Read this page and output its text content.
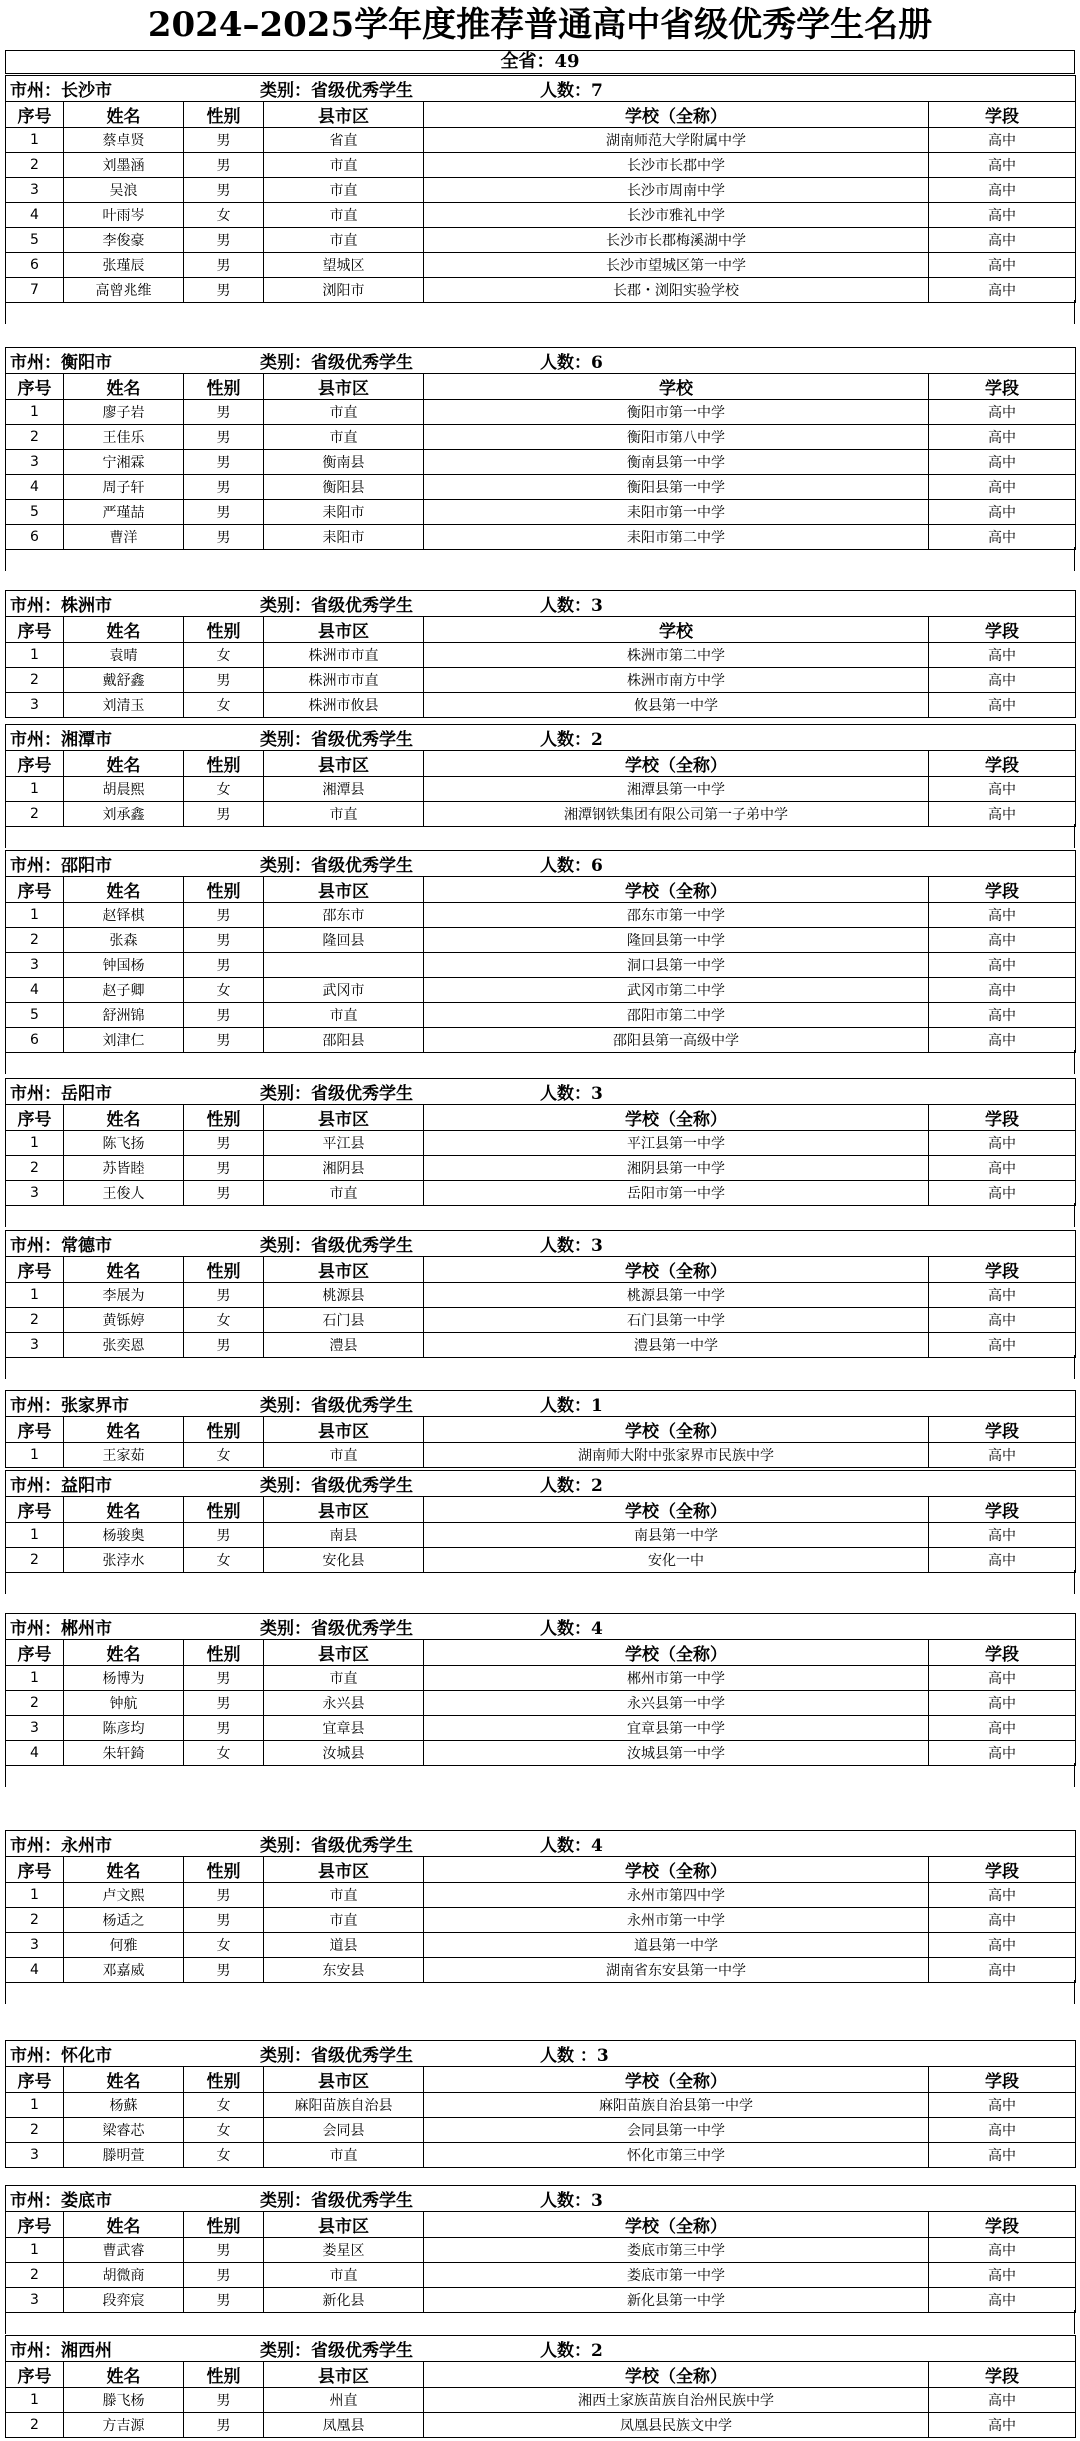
2024–2025学年度推荐普通高中省级优秀学生名册
全省：49
市州：长沙市 类别：省级优秀学生 人数：7					
序号	姓名	性别	县市区	学校（全称）	学段
1	蔡卓贤	男	省直	湖南师范大学附属中学	高中
2	刘墨涵	男	市直	长沙市长郡中学	高中
3	吴浪	男	市直	长沙市周南中学	高中
4	叶雨岑	女	市直	长沙市雅礼中学	高中
5	李俊豪	男	市直	长沙市长郡梅溪湖中学	高中
6	张瑾辰	男	望城区	长沙市望城区第一中学	高中
7	高曾兆维	男	浏阳市	长郡・浏阳实验学校	高中
市州：衡阳市 类别：省级优秀学生 人数：6					
序号	姓名	性别	县市区	学校	学段
1	廖子岩	男	市直	衡阳市第一中学	高中
2	王佳乐	男	市直	衡阳市第八中学	高中
3	宁湘霖	男	衡南县	衡南县第一中学	高中
4	周子轩	男	衡阳县	衡阳县第一中学	高中
5	严瑾喆	男	耒阳市	耒阳市第一中学	高中
6	曹洋	男	耒阳市	耒阳市第二中学	高中
市州：株洲市 类别：省级优秀学生 人数：3					
序号	姓名	性别	县市区	学校	学段
1	袁晴	女	株洲市市直	株洲市第二中学	高中
2	戴舒鑫	男	株洲市市直	株洲市南方中学	高中
3	刘清玉	女	株洲市攸县	攸县第一中学	高中
市州：湘潭市 类别：省级优秀学生 人数：2					
序号	姓名	性别	县市区	学校（全称）	学段
1	胡晨熙	女	湘潭县	湘潭县第一中学	高中
2	刘承鑫	男	市直	湘潭钢铁集团有限公司第一子弟中学	高中
市州：邵阳市 类别：省级优秀学生 人数：6					
序号	姓名	性别	县市区	学校（全称）	学段
1	赵铎棋	男	邵东市	邵东市第一中学	高中
2	张森	男	隆回县	隆回县第一中学	高中
3	钟国杨	男		洞口县第一中学	高中
4	赵子卿	女	武冈市	武冈市第二中学	高中
5	舒洲锦	男	市直	邵阳市第二中学	高中
6	刘津仁	男	邵阳县	邵阳县第一高级中学	高中
市州：岳阳市 类别：省级优秀学生 人数：3					
序号	姓名	性别	县市区	学校（全称）	学段
1	陈飞扬	男	平江县	平江县第一中学	高中
2	苏皆睦	男	湘阴县	湘阴县第一中学	高中
3	王俊人	男	市直	岳阳市第一中学	高中
市州：常德市 类别：省级优秀学生 人数：3					
序号	姓名	性别	县市区	学校（全称）	学段
1	李展为	男	桃源县	桃源县第一中学	高中
2	黄铄婷	女	石门县	石门县第一中学	高中
3	张奕恩	男	澧县	澧县第一中学	高中
市州：张家界市 类别：省级优秀学生 人数：1					
序号	姓名	性别	县市区	学校（全称）	学段
1	王家茹	女	市直	湖南师大附中张家界市民族中学	高中
市州：益阳市 类别：省级优秀学生 人数：2					
序号	姓名	性别	县市区	学校（全称）	学段
1	杨骏奥	男	南县	南县第一中学	高中
2	张浡水	女	安化县	安化一中	高中
市州：郴州市 类别：省级优秀学生 人数：4					
序号	姓名	性别	县市区	学校（全称）	学段
1	杨博为	男	市直	郴州市第一中学	高中
2	钟航	男	永兴县	永兴县第一中学	高中
3	陈彦均	男	宜章县	宜章县第一中学	高中
4	朱轩錡	女	汝城县	汝城县第一中学	高中
市州：永州市 类别：省级优秀学生 人数：4					
序号	姓名	性别	县市区	学校（全称）	学段
1	卢文熙	男	市直	永州市第四中学	高中
2	杨适之	男	市直	永州市第一中学	高中
3	何雅	女	道县	道县第一中学	高中
4	邓嘉威	男	东安县	湖南省东安县第一中学	高中
市州：怀化市 类别：省级优秀学生 人数 ：3					
序号	姓名	性别	县市区	学校（全称）	学段
1	杨蘇	女	麻阳苗族自治县	麻阳苗族自治县第一中学	高中
2	梁睿芯	女	会同县	会同县第一中学	高中
3	滕明萱	女	市直	怀化市第三中学	高中
市州：娄底市 类别：省级优秀学生 人数：3					
序号	姓名	性别	县市区	学校（全称）	学段
1	曹武睿	男	娄星区	娄底市第三中学	高中
2	胡微商	男	市直	娄底市第一中学	高中
3	段弈宸	男	新化县	新化县第一中学	高中
市州：湘西州 类别：省级优秀学生 人数：2					
序号	姓名	性别	县市区	学校（全称）	学段
1	滕飞杨	男	州直	湘西土家族苗族自治州民族中学	高中
2	方吉源	男	凤凰县	凤凰县民族文中学	高中
